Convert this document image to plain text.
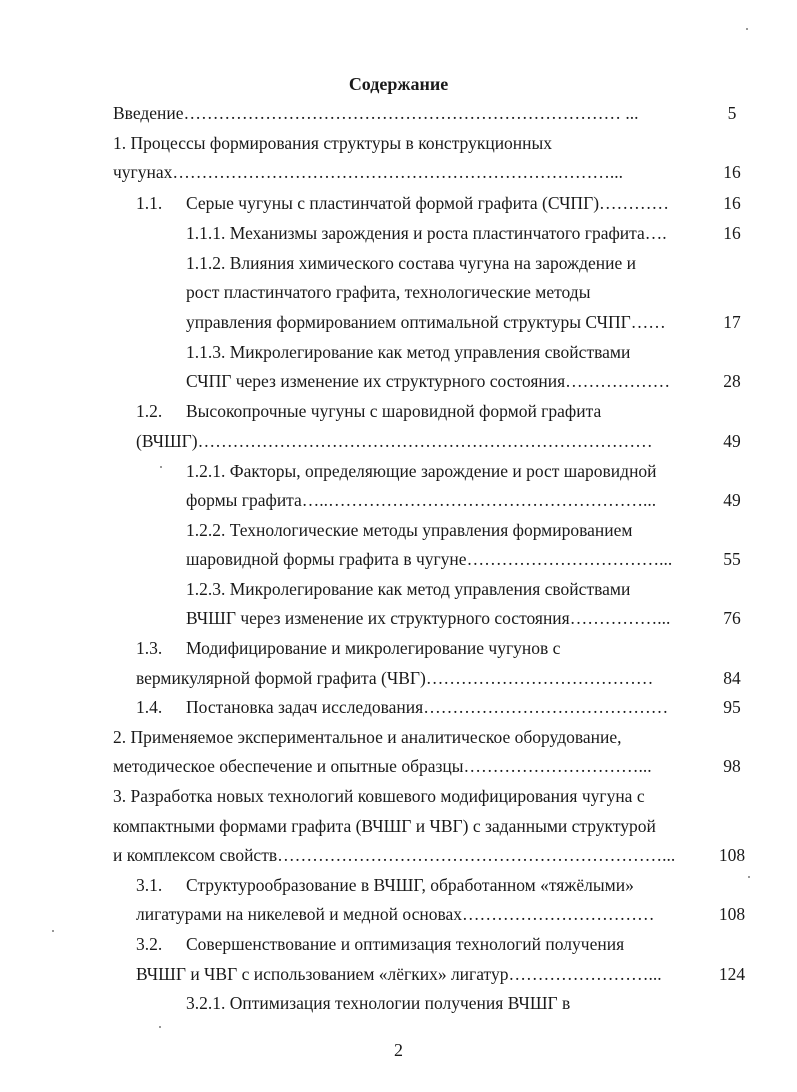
Содержание
Введение………………………………………………………………… ...	5
1. Процессы формирования структуры в конструкционных
чугунах…………………………………………………………………...	16
1.1. Серые чугуны с пластинчатой формой графита (СЧПГ)…………	16
1.1.1. Механизмы зарождения и роста пластинчатого графита….	16
1.1.2. Влияния химического состава чугуна на зарождение и
рост пластинчатого графита, технологические методы
управления формированием оптимальной структуры СЧПГ……	17
1.1.3. Микролегирование как метод управления свойствами
СЧПГ через изменение их структурного состояния………………	28
1.2. Высокопрочные чугуны с шаровидной формой графита
(ВЧШГ)……………………………………………………………………	49
1.2.1. Факторы, определяющие зарождение и рост шаровидной
формы графита…..………………………………………………...	49
1.2.2. Технологические методы управления формированием
шаровидной формы графита в чугуне……………………………...	55
1.2.3. Микролегирование как метод управления свойствами
ВЧШГ через изменение их структурного состояния……………...	76
1.3. Модифицирование и микролегирование чугунов с
вермикулярной формой графита (ЧВГ)…………………………………	84
1.4. Постановка задач исследования……………………………………	95
2. Применяемое экспериментальное и аналитическое оборудование,
методическое обеспечение и опытные образцы…………………………...	98
3. Разработка новых технологий ковшевого модифицирования чугуна с
компактными формами графита (ВЧШГ и ЧВГ) с заданными структурой
и комплексом свойств…………………………………………………………...	108
3.1. Структурообразование в ВЧШГ, обработанном «тяжёлыми»
лигатурами на никелевой и медной основах……………………………	108
3.2. Совершенствование и оптимизация технологий получения
ВЧШГ и ЧВГ с использованием «лёгких» лигатур……………………...	124
3.2.1. Оптимизация технологии получения ВЧШГ в
2
